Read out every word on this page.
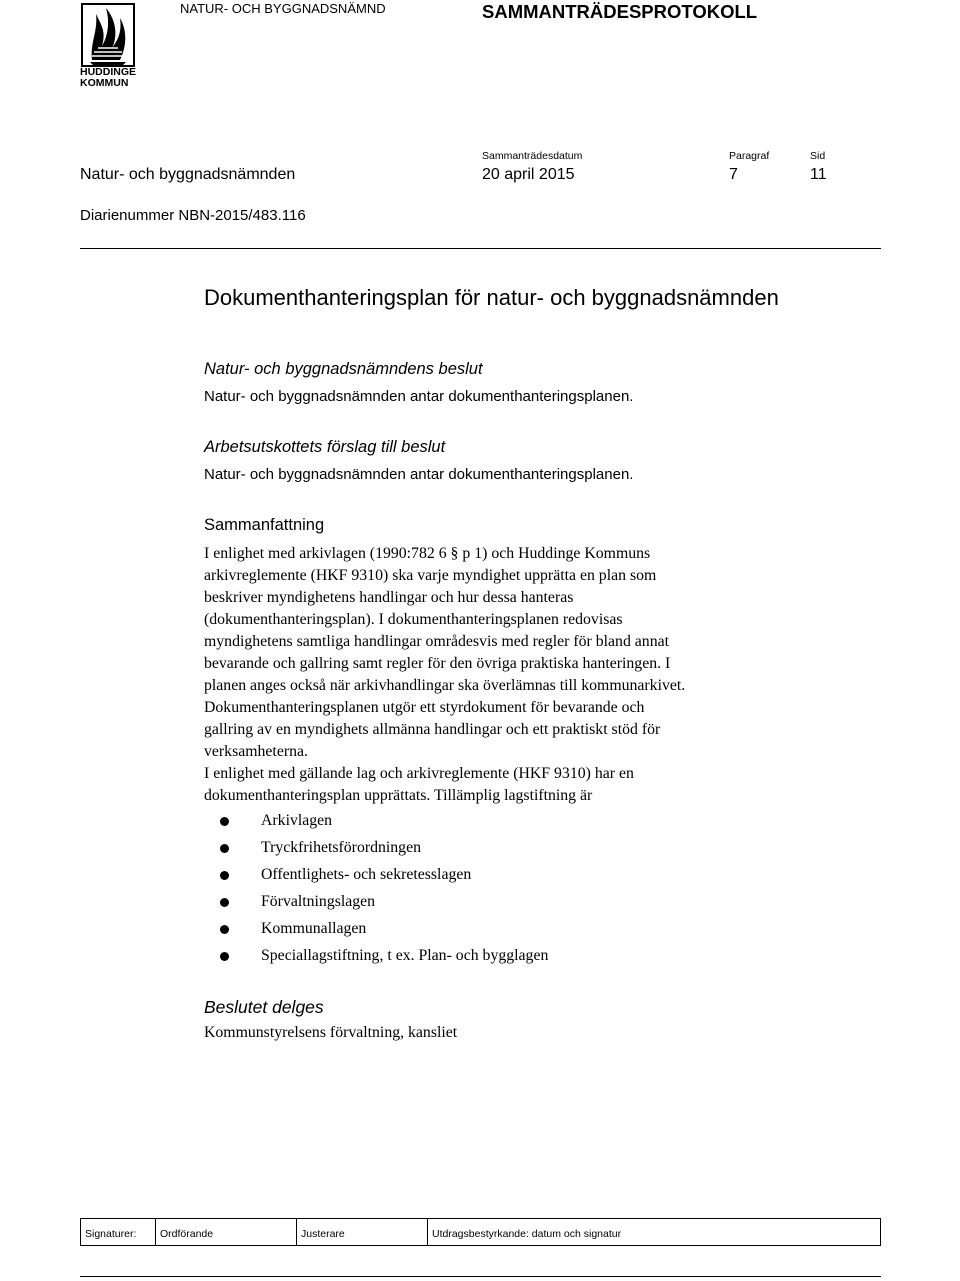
HUDDINGE
KOMMUN
NATUR- OCH BYGGNADSNÄMND	SAMMANTRÄDESPROTOKOLL
Sammanträdesdatum	Paragraf	Sid
Natur- och byggnadsnämnden	20 april 2015	7	11
Diarienummer NBN-2015/483.116
Dokumenthanteringsplan för natur- och byggnadsnämnden
Natur- och byggnadsnämndens beslut
Natur- och byggnadsnämnden antar dokumenthanteringsplanen.
Arbetsutskottets förslag till beslut
Natur- och byggnadsnämnden antar dokumenthanteringsplanen.
Sammanfattning
I enlighet med arkivlagen (1990:782 6 § p 1) och Huddinge Kommuns
arkivreglemente (HKF 9310) ska varje myndighet upprätta en plan som
beskriver myndighetens handlingar och hur dessa hanteras
(dokumenthanteringsplan). I dokumenthanteringsplanen redovisas
myndighetens samtliga handlingar områdesvis med regler för bland annat
bevarande och gallring samt regler för den övriga praktiska hanteringen. I
planen anges också när arkivhandlingar ska överlämnas till kommunarkivet.
Dokumenthanteringsplanen utgör ett styrdokument för bevarande och
gallring av en myndighets allmänna handlingar och ett praktiskt stöd för
verksamheterna.
I enlighet med gällande lag och arkivreglemente (HKF 9310) har en
dokumenthanteringsplan upprättats. Tillämplig lagstiftning är
Arkivlagen
Tryckfrihetsförordningen
Offentlighets- och sekretesslagen
Förvaltningslagen
Kommunallagen
Speciallagstiftning, t ex. Plan- och bygglagen
Beslutet delges
Kommunstyrelsens förvaltning, kansliet
Signaturer:	Ordförande	Justerare	Utdragsbestyrkande: datum och signatur
